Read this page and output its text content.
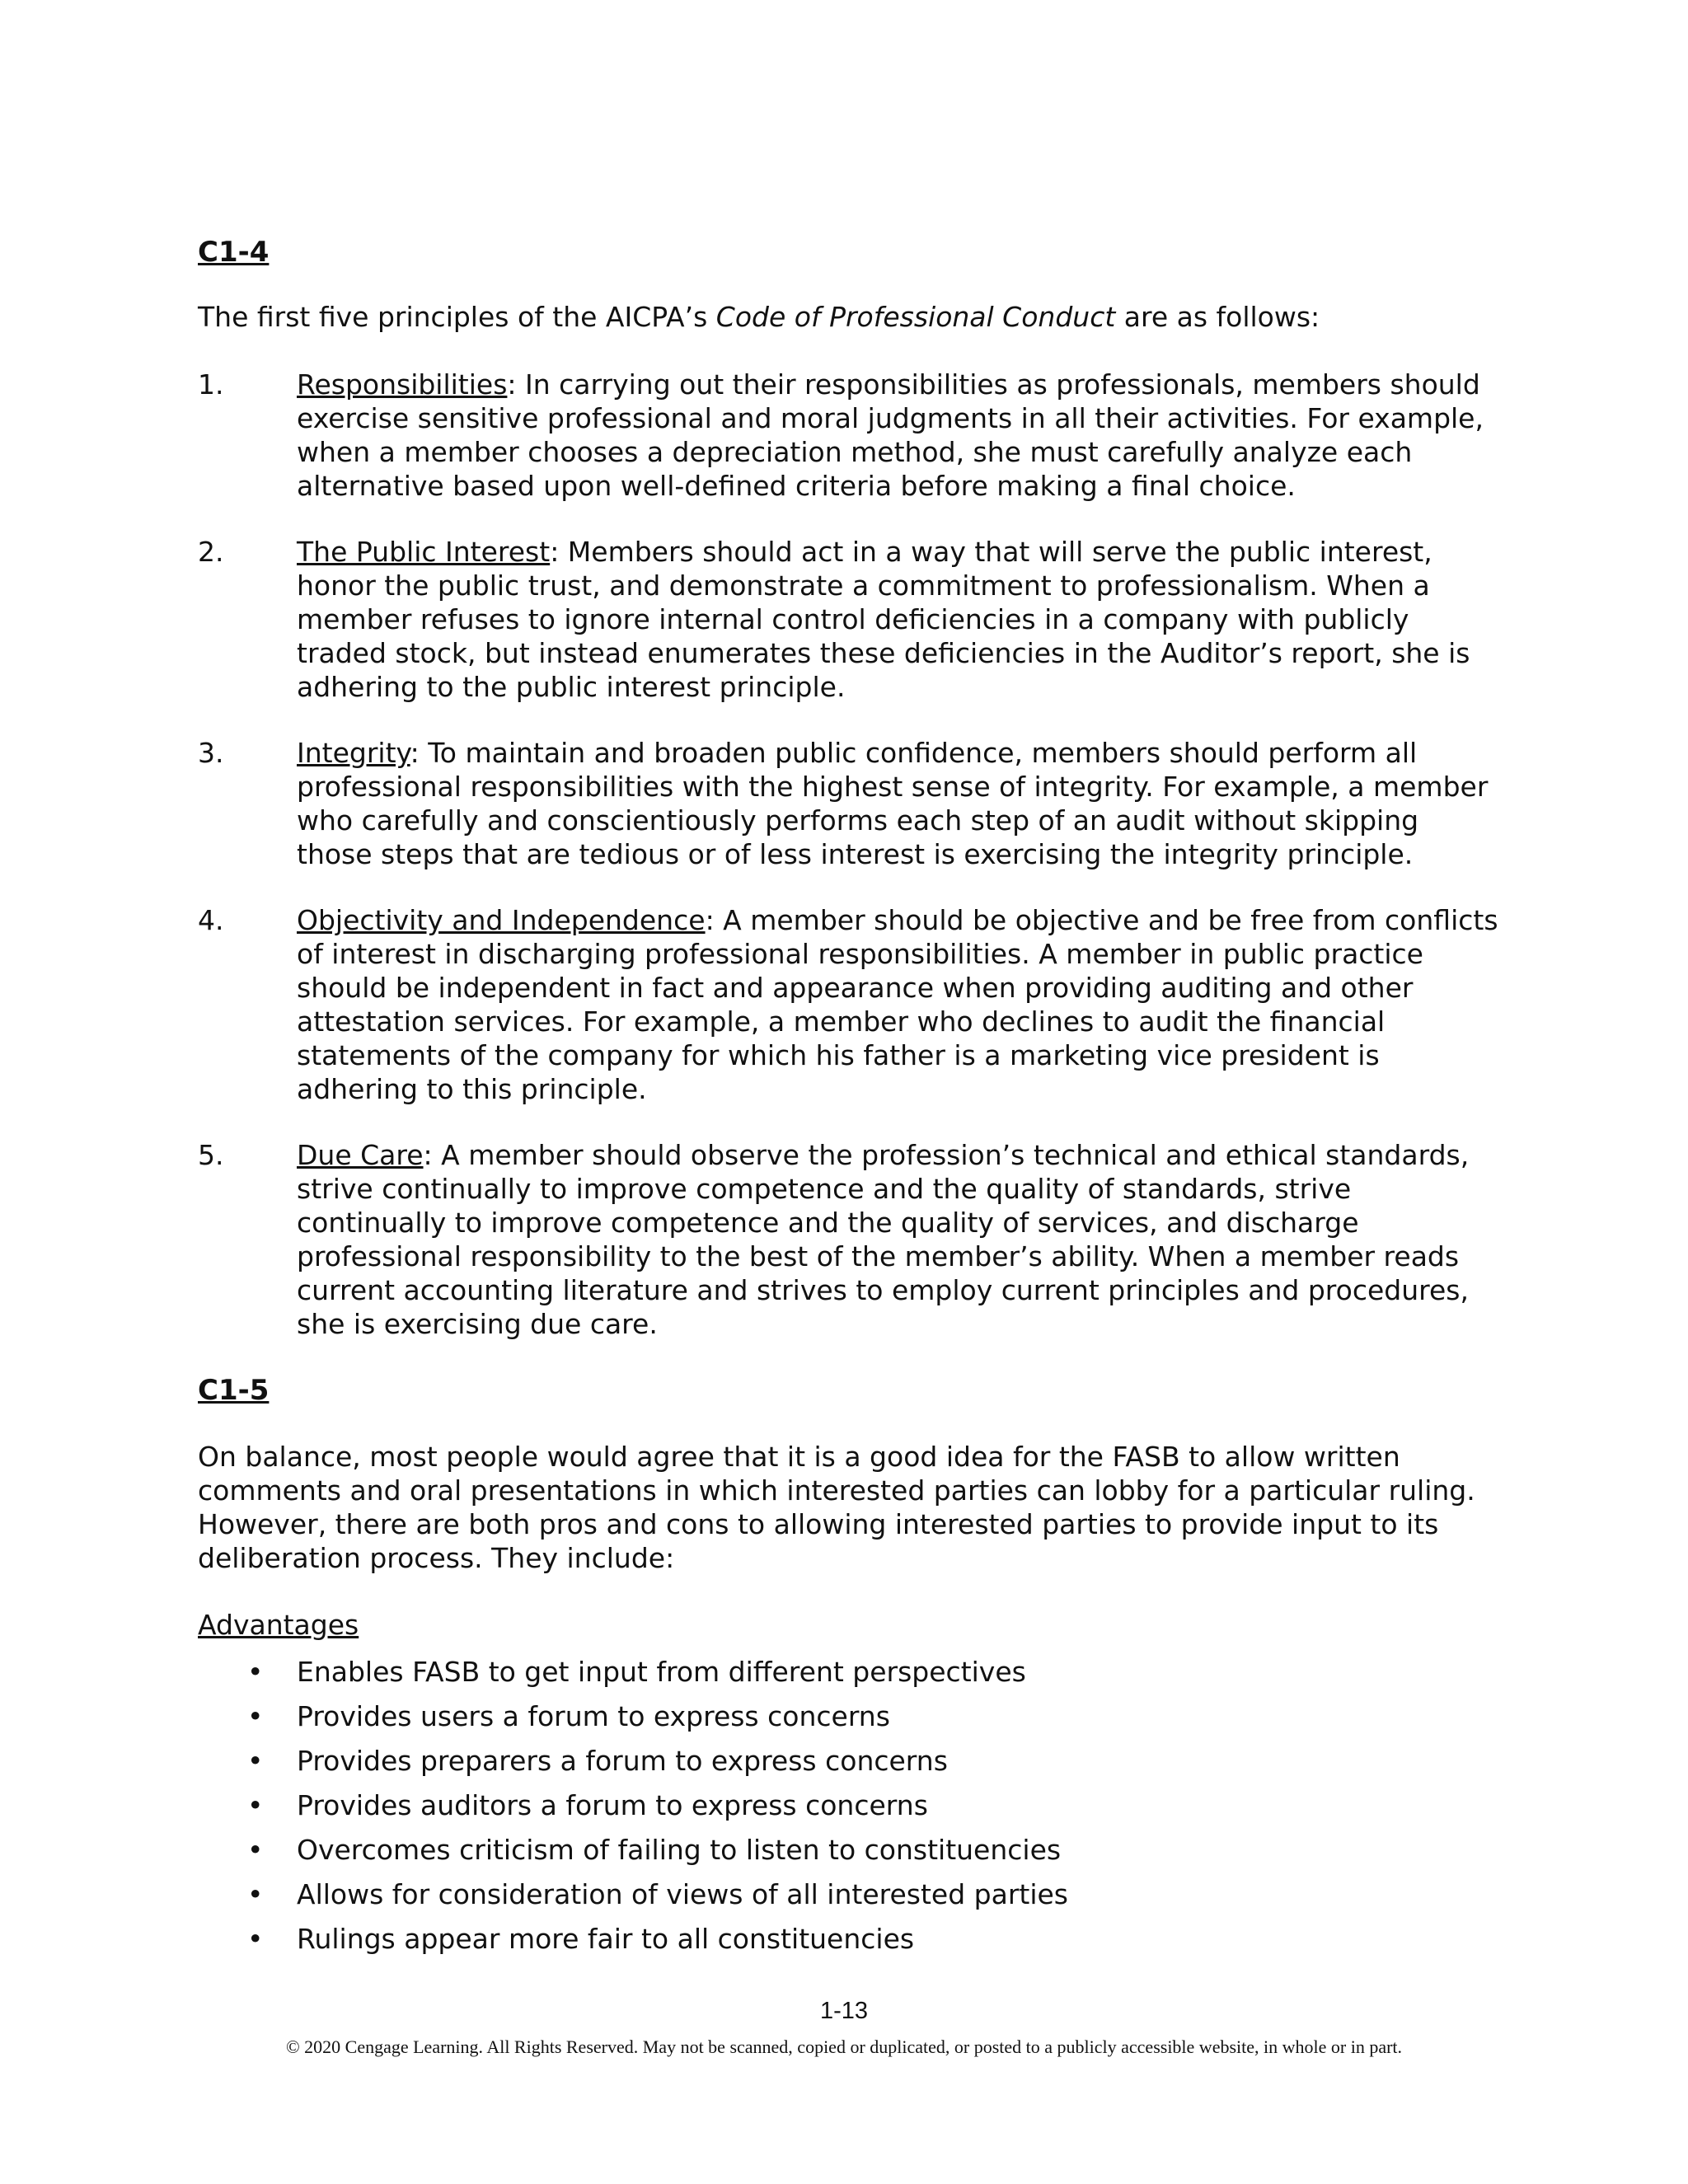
C1-4
The first five principles of the AICPA’s Code of Professional Conduct are as follows:
1.	Responsibilities: In carrying out their responsibilities as professionals, members should exercise sensitive professional and moral judgments in all their activities. For example, when a member chooses a depreciation method, she must carefully analyze each alternative based upon well-defined criteria before making a final choice.
2.	The Public Interest: Members should act in a way that will serve the public interest, honor the public trust, and demonstrate a commitment to professionalism. When a member refuses to ignore internal control deficiencies in a company with publicly traded stock, but instead enumerates these deficiencies in the Auditor’s report, she is adhering to the public interest principle.
3.	Integrity: To maintain and broaden public confidence, members should perform all professional responsibilities with the highest sense of integrity. For example, a member who carefully and conscientiously performs each step of an audit without skipping those steps that are tedious or of less interest is exercising the integrity principle.
4.	Objectivity and Independence: A member should be objective and be free from conflicts of interest in discharging professional responsibilities. A member in public practice should be independent in fact and appearance when providing auditing and other attestation services. For example, a member who declines to audit the financial statements of the company for which his father is a marketing vice president is adhering to this principle.
5.	Due Care: A member should observe the profession’s technical and ethical standards, strive continually to improve competence and the quality of standards, strive continually to improve competence and the quality of services, and discharge professional responsibility to the best of the member’s ability. When a member reads current accounting literature and strives to employ current principles and procedures, she is exercising due care.
C1-5
On balance, most people would agree that it is a good idea for the FASB to allow written comments and oral presentations in which interested parties can lobby for a particular ruling. However, there are both pros and cons to allowing interested parties to provide input to its deliberation process. They include:
Advantages
• Enables FASB to get input from different perspectives
• Provides users a forum to express concerns
• Provides preparers a forum to express concerns
• Provides auditors a forum to express concerns
• Overcomes criticism of failing to listen to constituencies
• Allows for consideration of views of all interested parties
• Rulings appear more fair to all constituencies
1-13
© 2020 Cengage Learning. All Rights Reserved. May not be scanned, copied or duplicated, or posted to a publicly accessible website, in whole or in part.
